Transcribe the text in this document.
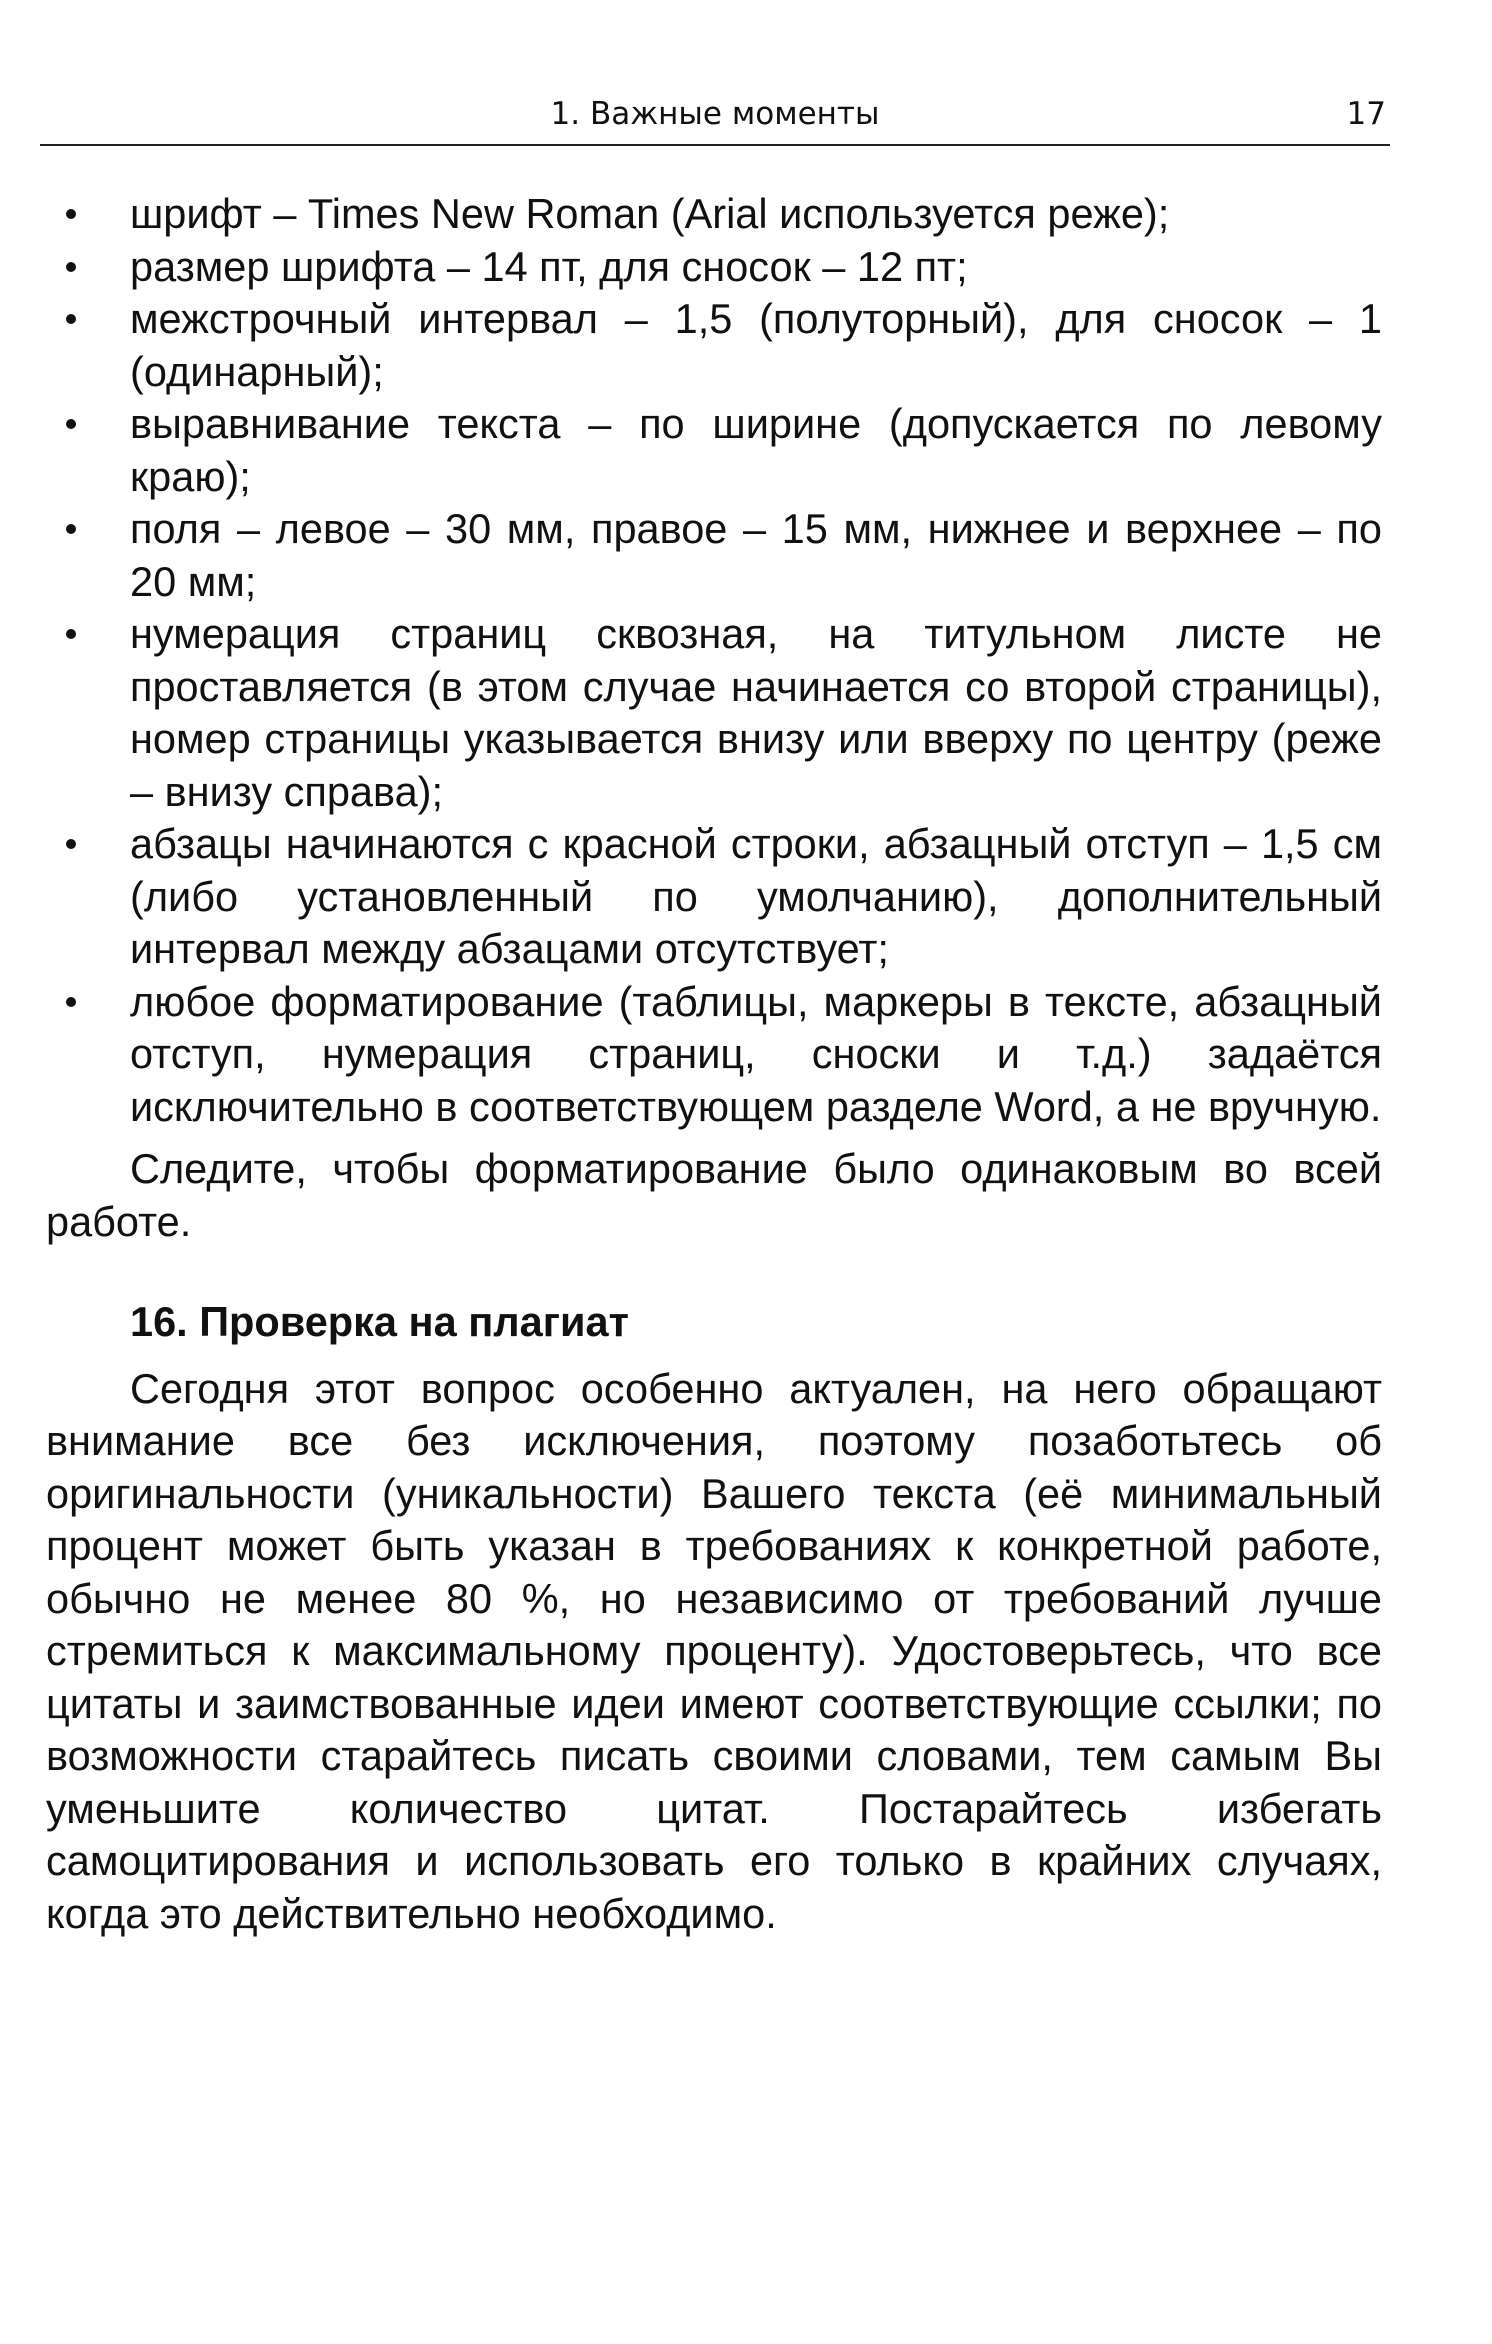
1. Важные моменты	17
шрифт – Times New Roman (Arial используется реже);
размер шрифта – 14 пт, для сносок – 12 пт;
межстрочный интервал – 1,5 (полуторный), для сносок – 1 (одинарный);
выравнивание текста – по ширине (допускается по левому краю);
поля – левое – 30 мм, правое – 15 мм, нижнее и верхнее – по 20 мм;
нумерация страниц сквозная, на титульном листе не проставляется (в этом случае начинается со второй страницы), номер страницы указывается внизу или вверху по центру (реже – внизу справа);
абзацы начинаются с красной строки, абзацный отступ – 1,5 см (либо установленный по умолчанию), дополнительный интервал между абзацами отсутствует;
любое форматирование (таблицы, маркеры в тексте, абзацный отступ, нумерация страниц, сноски и т.д.) задаётся исключительно в соответствующем разделе Word, а не вручную.

Следите, чтобы форматирование было одинаковым во всей работе.

16. Проверка на плагиат

Сегодня этот вопрос особенно актуален, на него обращают внимание все без исключения, поэтому позаботьтесь об оригинальности (уникальности) Вашего текста (её минимальный процент может быть указан в требованиях к конкретной работе, обычно не менее 80 %, но независимо от требований лучше стремиться к максимальному проценту). Удостоверьтесь, что все цитаты и заимствованные идеи имеют соответствующие ссылки; по возможности старайтесь писать своими словами, тем самым Вы уменьшите количество цитат. Постарайтесь избегать самоцитирования и использовать его только в крайних случаях, когда это действительно необходимо.
